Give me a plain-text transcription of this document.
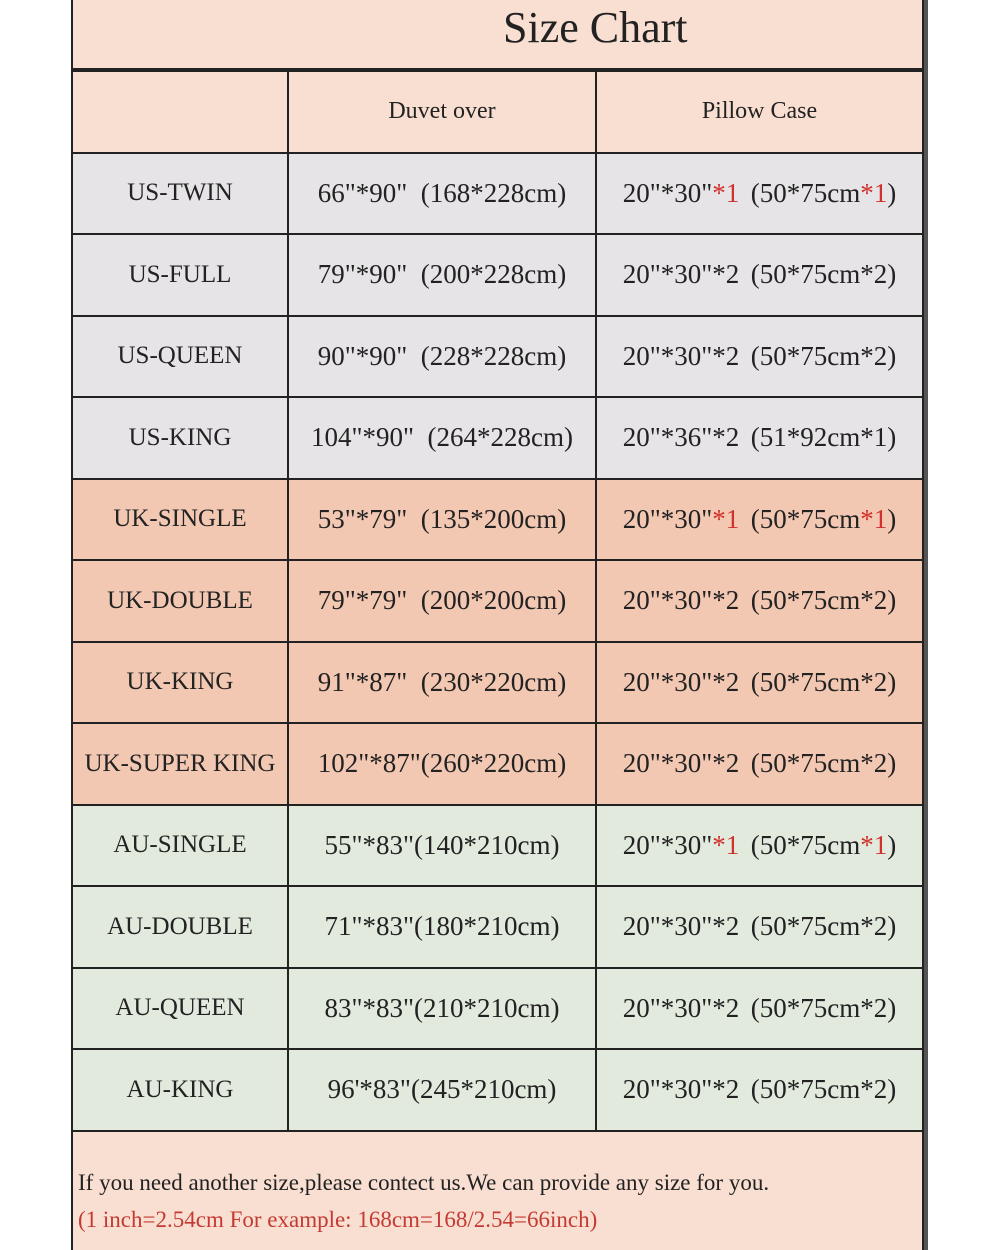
Size Chart
	Duvet over	Pillow Case
US-TWIN	66"*90"  (168*228cm)	20"*30"*1 (50*75cm*1)
US-FULL	79"*90"  (200*228cm)	20"*30"*2 (50*75cm*2)
US-QUEEN	90"*90"  (228*228cm)	20"*30"*2 (50*75cm*2)
US-KING	104"*90"  (264*228cm)	20"*36"*2 (51*92cm*1)
UK-SINGLE	53"*79"  (135*200cm)	20"*30"*1 (50*75cm*1)
UK-DOUBLE	79"*79"  (200*200cm)	20"*30"*2 (50*75cm*2)
UK-KING	91"*87"  (230*220cm)	20"*30"*2 (50*75cm*2)
UK-SUPER KING	102"*87"(260*220cm)	20"*30"*2 (50*75cm*2)
AU-SINGLE	55"*83"(140*210cm)	20"*30"*1 (50*75cm*1)
AU-DOUBLE	71"*83"(180*210cm)	20"*30"*2 (50*75cm*2)
AU-QUEEN	83"*83"(210*210cm)	20"*30"*2 (50*75cm*2)
AU-KING	96'*83"(245*210cm)	20"*30"*2 (50*75cm*2)
If you need another size,please contect us.We can provide any size for you.
(1 inch=2.54cm For example: 168cm=168/2.54=66inch)
